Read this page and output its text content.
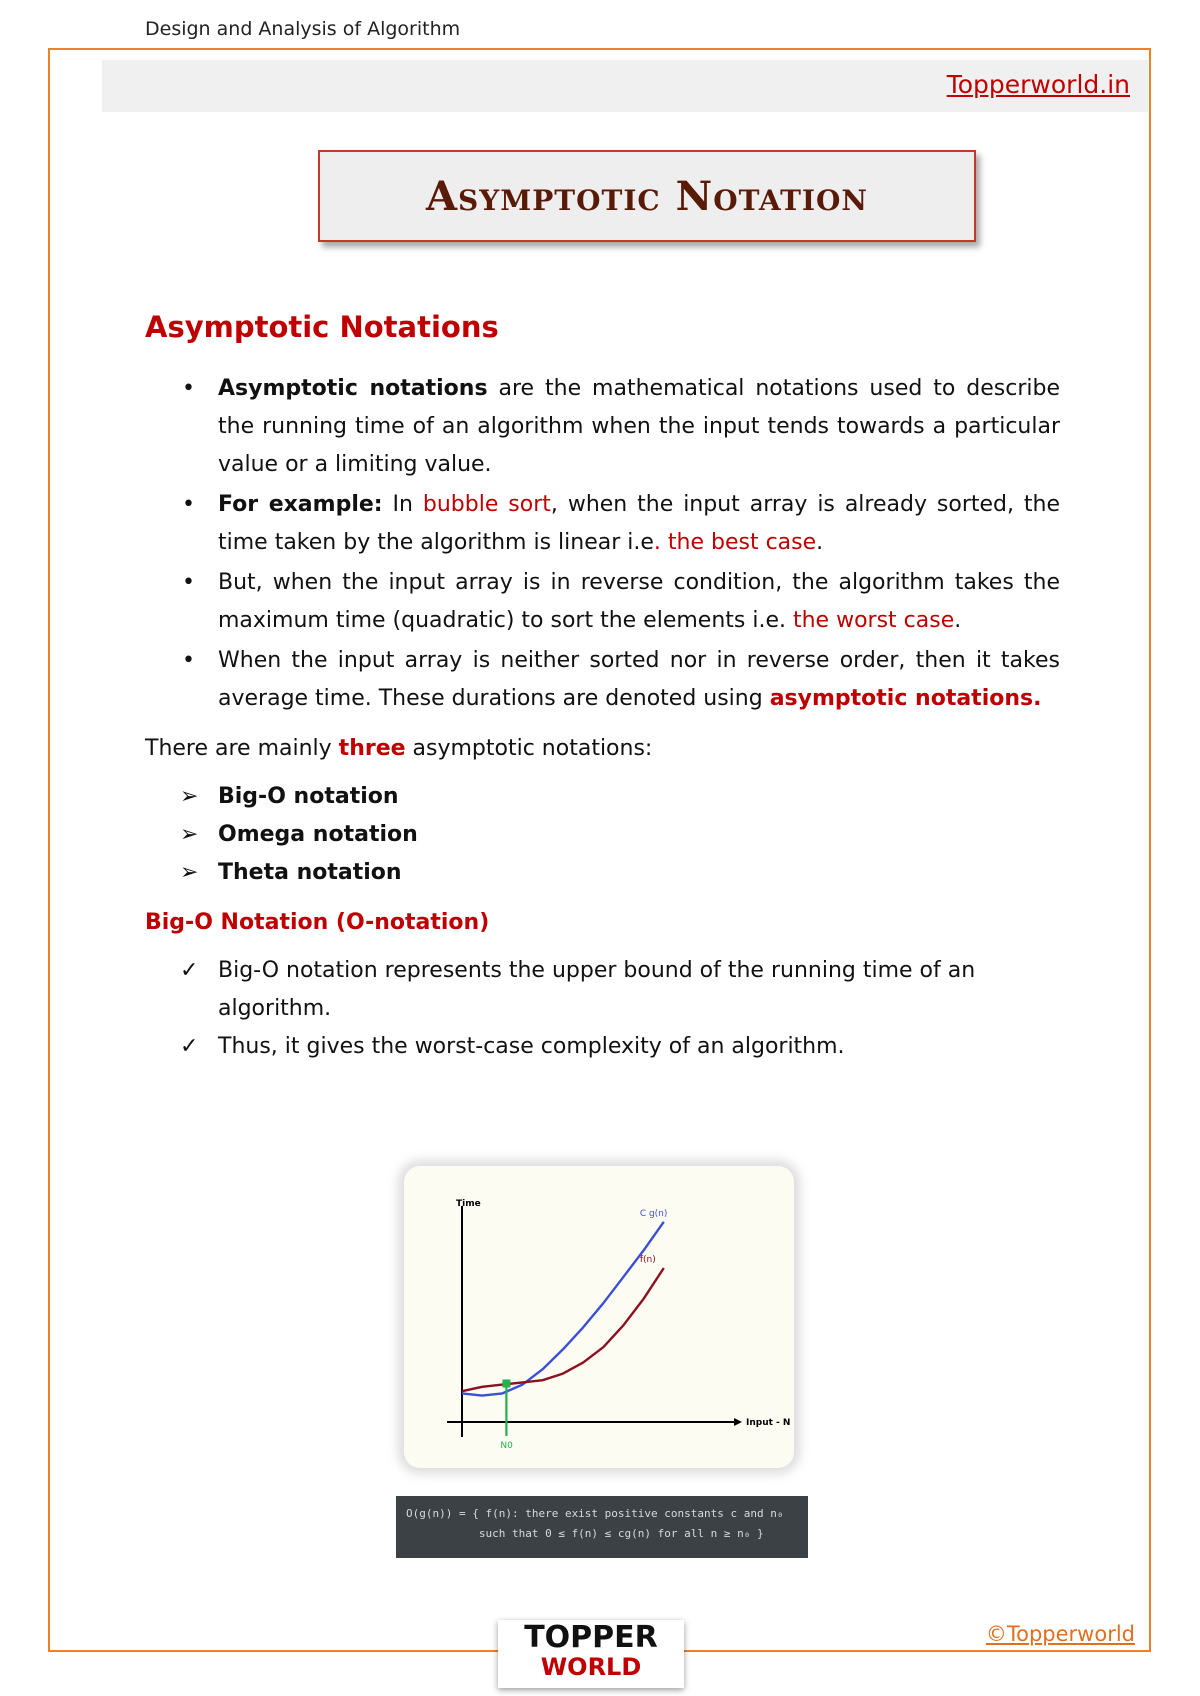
Design and Analysis of Algorithm
Topperworld.in
Asymptotic Notation
Asymptotic Notations
• Asymptotic notations are the mathematical notations used to describe the running time of an algorithm when the input tends towards a particular value or a limiting value.
• For example: In bubble sort, when the input array is already sorted, the time taken by the algorithm is linear i.e. the best case.
• But, when the input array is in reverse condition, the algorithm takes the maximum time (quadratic) to sort the elements i.e. the worst case.
• When the input array is neither sorted nor in reverse order, then it takes average time. These durations are denoted using asymptotic notations.
There are mainly three asymptotic notations:
➢ Big-O notation
➢ Omega notation
➢ Theta notation
Big-O Notation (O-notation)
✓ Big-O notation represents the upper bound of the running time of an algorithm.
✓ Thus, it gives the worst-case complexity of an algorithm.
Time
Input - N
C g(n)
f(n)
N0
O(g(n)) = { f(n): there exist positive constants c and n₀
such that 0 ≤ f(n) ≤ cg(n) for all n ≥ n₀ }
TOPPER
WORLD
©Topperworld
